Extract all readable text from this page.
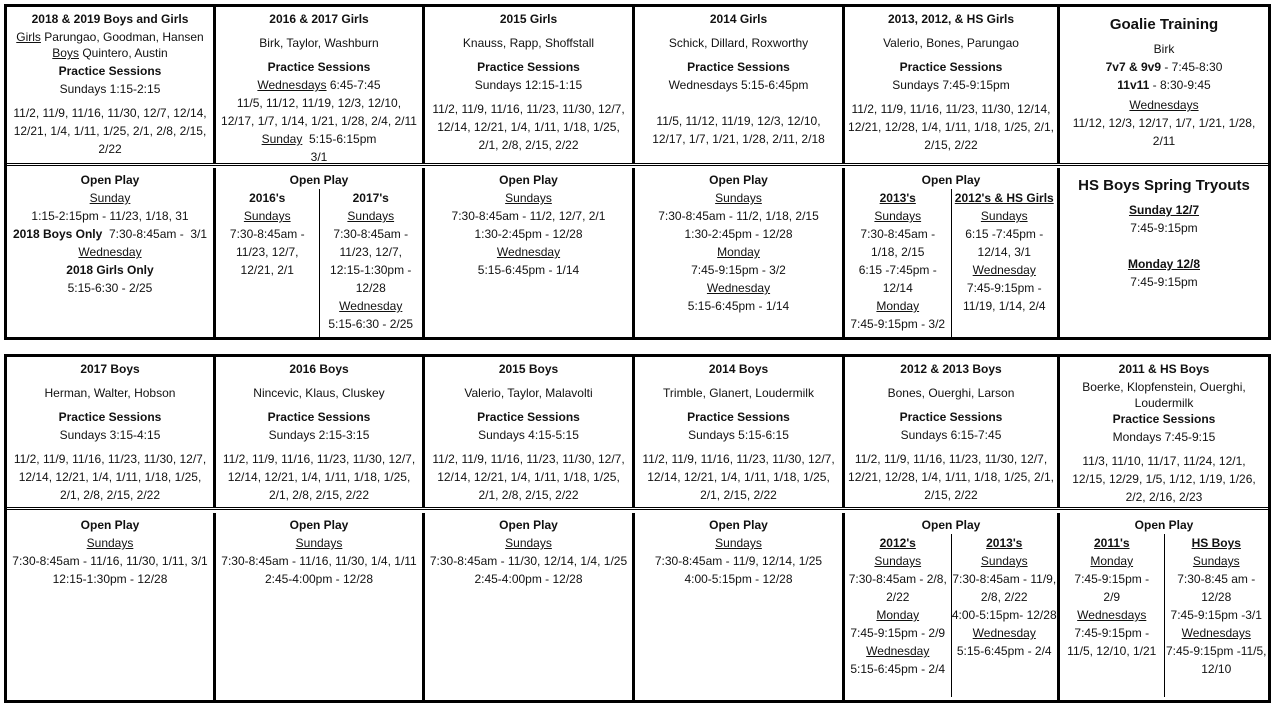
2018 & 2019 Boys and Girls
Girls Parungao, Goodman, Hansen
Boys Quintero, Austin
Practice Sessions
Sundays 1:15-2:15
11/2, 11/9, 11/16, 11/30, 12/7, 12/14,
12/21, 1/4, 1/11, 1/25, 2/1, 2/8, 2/15,
2/22
2016 & 2017 Girls
Birk, Taylor, Washburn
Practice Sessions
Wednesdays 6:45-7:45
11/5, 11/12, 11/19, 12/3, 12/10,
12/17, 1/7, 1/14, 1/21, 1/28, 2/4, 2/11
Sunday  5:15-6:15pm
3/1
2015 Girls
Knauss, Rapp, Shoffstall
Practice Sessions
Sundays 12:15-1:15
11/2, 11/9, 11/16, 11/23, 11/30, 12/7,
12/14, 12/21, 1/4, 1/11, 1/18, 1/25,
2/1, 2/8, 2/15, 2/22
2014 Girls
Schick, Dillard, Roxworthy
Practice Sessions
Wednesdays 5:15-6:45pm
11/5, 11/12, 11/19, 12/3, 12/10,
12/17, 1/7, 1/21, 1/28, 2/11, 2/18
2013, 2012, & HS Girls
Valerio, Bones, Parungao
Practice Sessions
Sundays 7:45-9:15pm
11/2, 11/9, 11/16, 11/23, 11/30, 12/14,
12/21, 12/28, 1/4, 1/11, 1/18, 1/25, 2/1,
2/15, 2/22
Goalie Training
Birk
7v7 & 9v9 - 7:45-8:30
11v11 - 8:30-9:45
Wednesdays
11/12, 12/3, 12/17, 1/7, 1/21, 1/28,
2/11
Open Play
Sunday
1:15-2:15pm - 11/23, 1/18, 31
2018 Boys Only  7:30-8:45am -  3/1
Wednesday
2018 Girls Only
5:15-6:30 - 2/25
Open Play
2016's
Sundays
7:30-8:45am -
11/23, 12/7,
12/21, 2/1
2017's
Sundays
7:30-8:45am -
11/23, 12/7,
12:15-1:30pm -
12/28
Wednesday
5:15-6:30 - 2/25
Open Play
Sundays
7:30-8:45am - 11/2, 12/7, 2/1
1:30-2:45pm - 12/28
Wednesday
5:15-6:45pm - 1/14
Open Play
Sundays
7:30-8:45am - 11/2, 1/18, 2/15
1:30-2:45pm - 12/28
Monday
7:45-9:15pm - 3/2
Wednesday
5:15-6:45pm - 1/14
Open Play
2013's
Sundays
7:30-8:45am -
1/18, 2/15
6:15 -7:45pm -
12/14
Monday
7:45-9:15pm - 3/2
2012's & HS Girls
Sundays
6:15 -7:45pm -
12/14, 3/1
Wednesday
7:45-9:15pm -
11/19, 1/14, 2/4
HS Boys Spring Tryouts
Sunday 12/7
7:45-9:15pm
Monday 12/8
7:45-9:15pm
2017 Boys
Herman, Walter, Hobson
Practice Sessions
Sundays 3:15-4:15
11/2, 11/9, 11/16, 11/23, 11/30, 12/7,
12/14, 12/21, 1/4, 1/11, 1/18, 1/25,
2/1, 2/8, 2/15, 2/22
2016 Boys
Nincevic, Klaus, Cluskey
Practice Sessions
Sundays 2:15-3:15
11/2, 11/9, 11/16, 11/23, 11/30, 12/7,
12/14, 12/21, 1/4, 1/11, 1/18, 1/25,
2/1, 2/8, 2/15, 2/22
2015 Boys
Valerio, Taylor, Malavolti
Practice Sessions
Sundays 4:15-5:15
11/2, 11/9, 11/16, 11/23, 11/30, 12/7,
12/14, 12/21, 1/4, 1/11, 1/18, 1/25,
2/1, 2/8, 2/15, 2/22
2014 Boys
Trimble, Glanert, Loudermilk
Practice Sessions
Sundays 5:15-6:15
11/2, 11/9, 11/16, 11/23, 11/30, 12/7,
12/14, 12/21, 1/4, 1/11, 1/18, 1/25,
2/1, 2/15, 2/22
2012 & 2013 Boys
Bones, Ouerghi, Larson
Practice Sessions
Sundays 6:15-7:45
11/2, 11/9, 11/16, 11/23, 11/30, 12/7,
12/21, 12/28, 1/4, 1/11, 1/18, 1/25, 2/1,
2/15, 2/22
2011 & HS Boys
Boerke, Klopfenstein, Ouerghi,
Loudermilk
Practice Sessions
Mondays 7:45-9:15
11/3, 11/10, 11/17, 11/24, 12/1,
12/15, 12/29, 1/5, 1/12, 1/19, 1/26,
2/2, 2/16, 2/23
Open Play
Sundays
7:30-8:45am - 11/16, 11/30, 1/11, 3/1
12:15-1:30pm - 12/28
Open Play
Sundays
7:30-8:45am - 11/16, 11/30, 1/4, 1/11
2:45-4:00pm - 12/28
Open Play
Sundays
7:30-8:45am - 11/30, 12/14, 1/4, 1/25
2:45-4:00pm - 12/28
Open Play
Sundays
7:30-8:45am - 11/9, 12/14, 1/25
4:00-5:15pm - 12/28
Open Play
2012's
Sundays
7:30-8:45am - 2/8,
2/22
Monday
7:45-9:15pm - 2/9
Wednesday
5:15-6:45pm - 2/4
2013's
Sundays
7:30-8:45am - 11/9,
2/8, 2/22
4:00-5:15pm- 12/28
Wednesday
5:15-6:45pm - 2/4
Open Play
2011's
Monday
7:45-9:15pm -
2/9
Wednesdays
7:45-9:15pm -
11/5, 12/10, 1/21
HS Boys
Sundays
7:30-8:45 am -
12/28
7:45-9:15pm -3/1
Wednesdays
7:45-9:15pm -11/5,
12/10
